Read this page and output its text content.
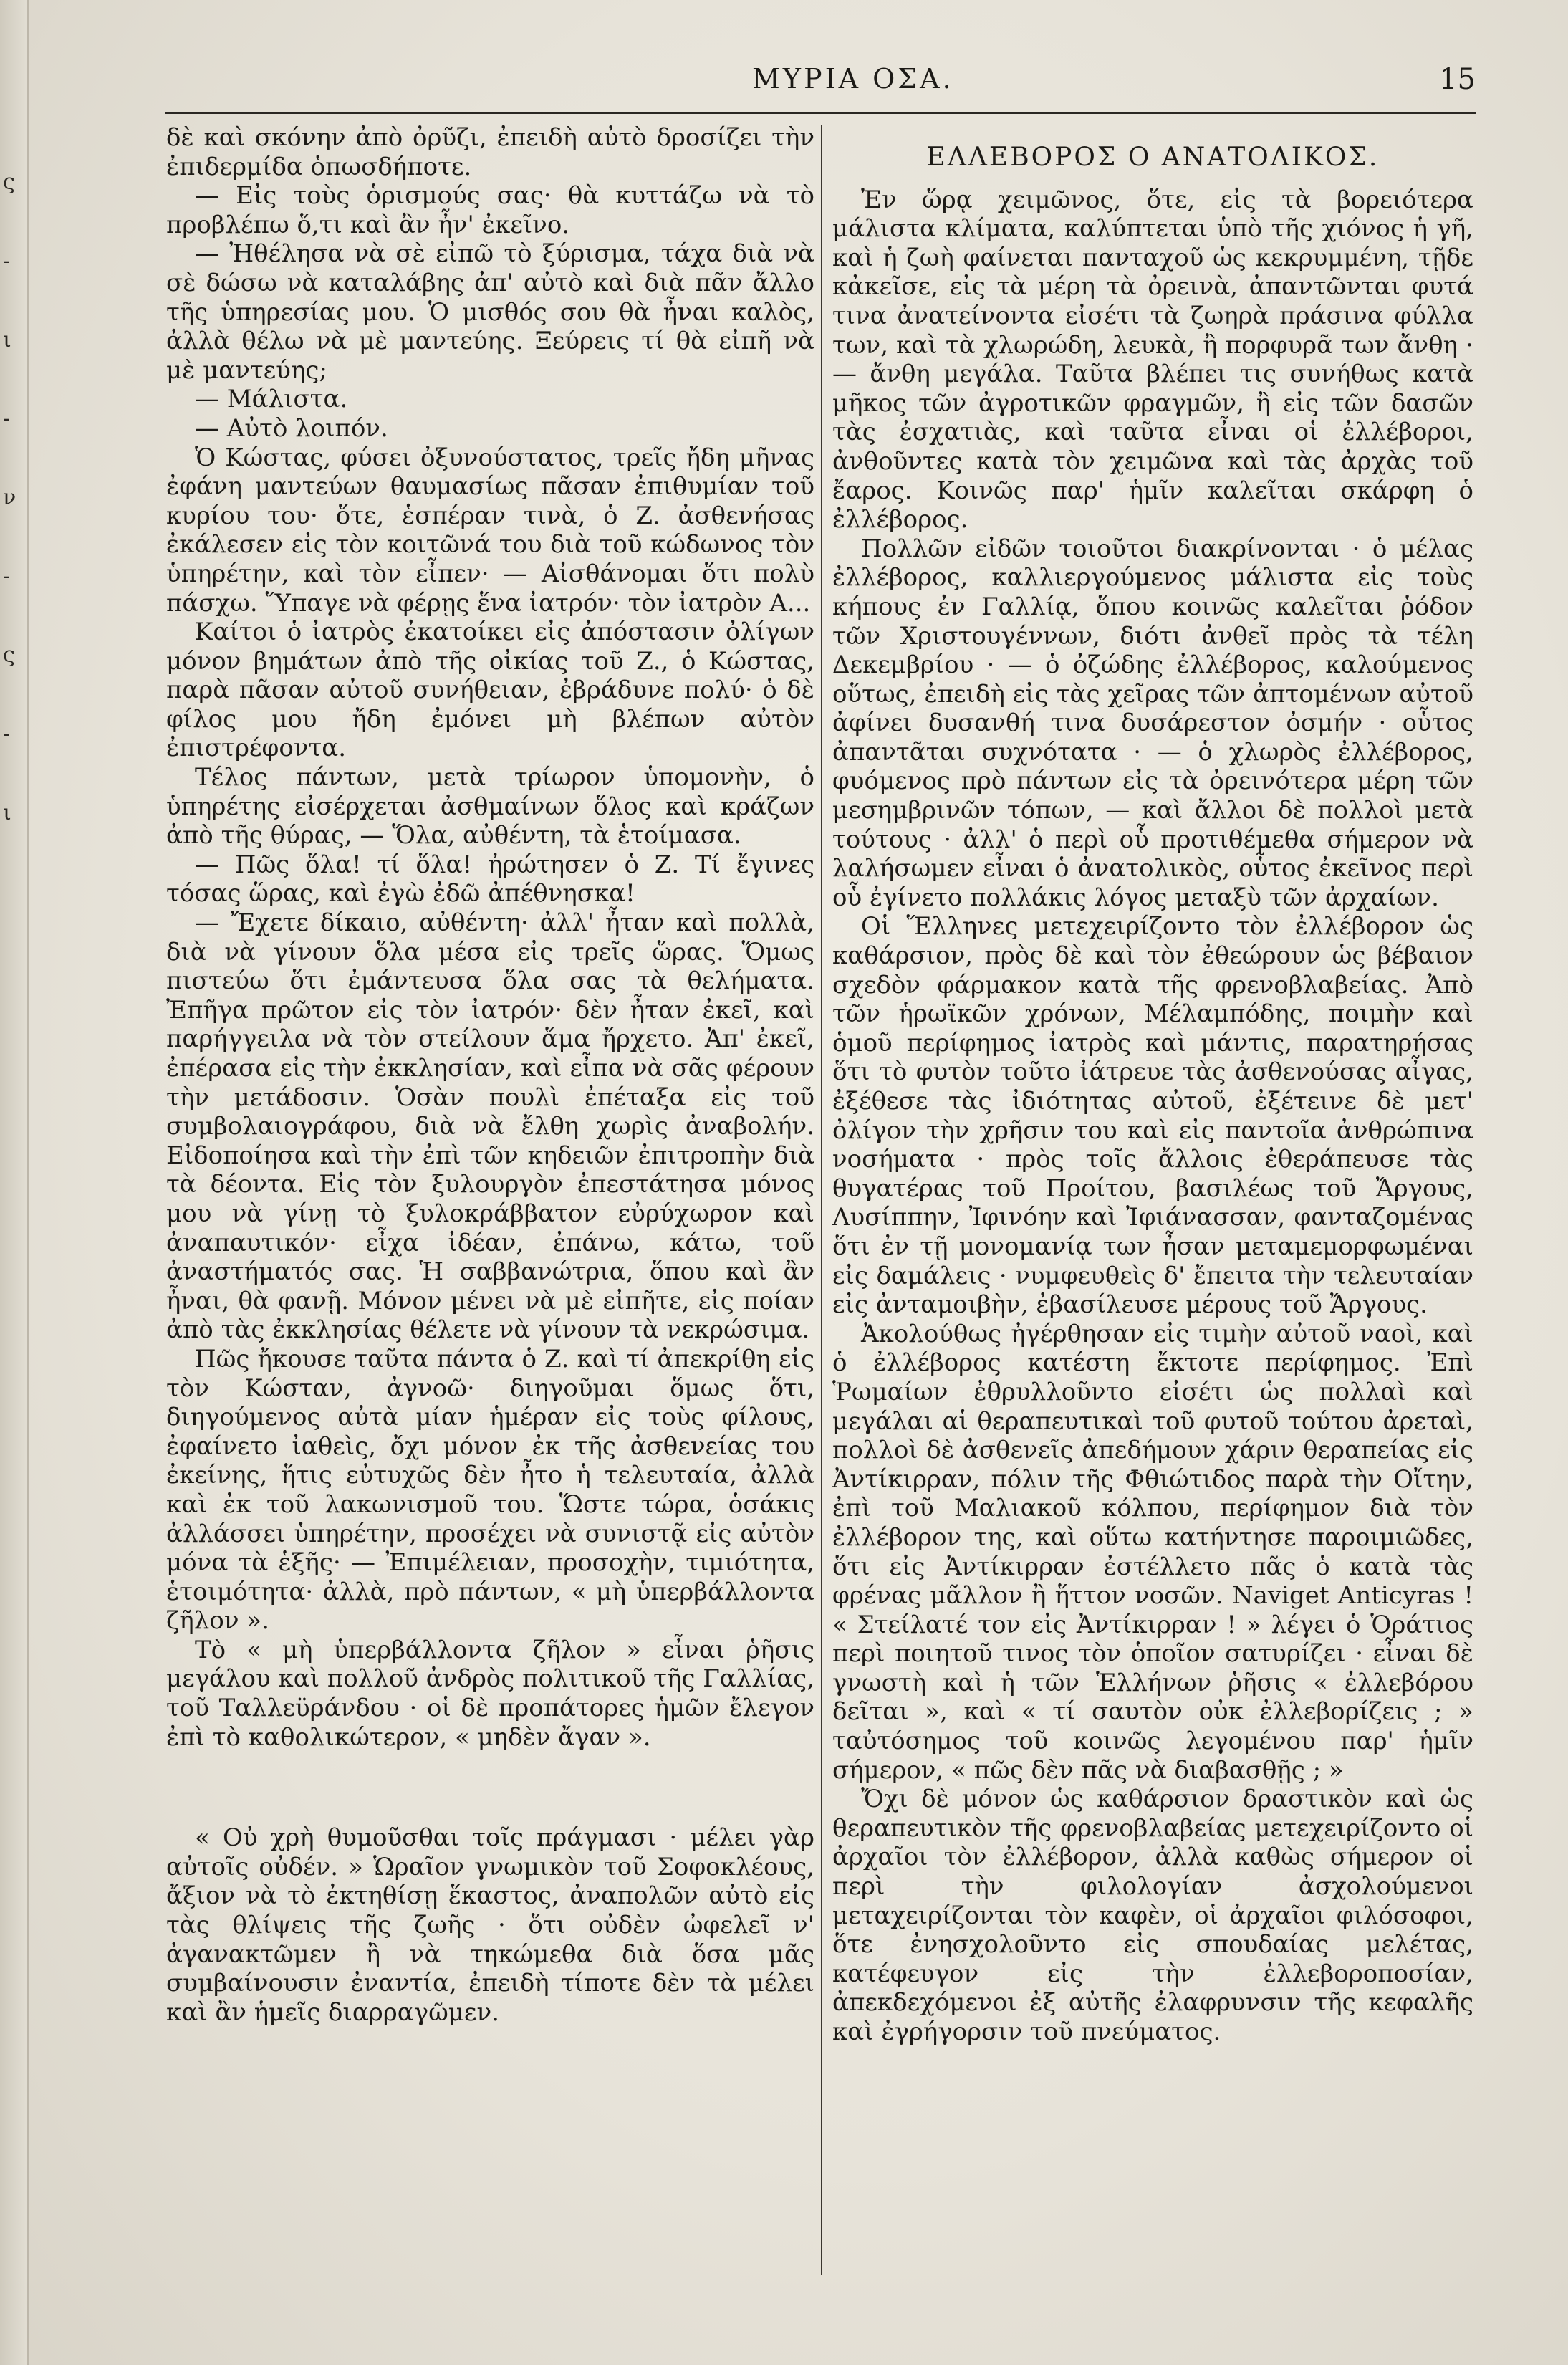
ς
-
ι
-
ν
-
ς
-
ι
ΜΥΡΙΑ ΟΣΑ.	15

δὲ καὶ σκόνην ἀπὸ ὀρῦζι, ἐπειδὴ αὐτὸ δροσίζει τὴν ἐπιδερμίδα ὁπωσδήποτε.

— Εἰς τοὺς ὁρισμούς σας· θὰ κυττάζω νὰ τὸ προβλέπω ὅ,τι καὶ ἂν ἦν' ἐκεῖνο.

— Ἠθέλησα νὰ σὲ εἰπῶ τὸ ξύρισμα, τάχα διὰ νὰ σὲ δώσω νὰ καταλάβης ἀπ' αὐτὸ καὶ διὰ πᾶν ἄλλο τῆς ὑπηρεσίας μου. Ὁ μισθός σου θὰ ἦναι καλὸς, ἀλλὰ θέλω νὰ μὲ μαντεύης. Ξεύρεις τί θὰ εἰπῆ νὰ μὲ μαντεύης;

— Μάλιστα.

— Αὐτὸ λοιπόν.

Ὁ Κώστας, φύσει ὀξυνούστατος, τρεῖς ἤδη μῆνας ἐφάνη μαντεύων θαυμασίως πᾶσαν ἐπιθυμίαν τοῦ κυρίου του· ὅτε, ἑσπέραν τινὰ, ὁ Ζ. ἀσθενήσας ἐκάλεσεν εἰς τὸν κοιτῶνά του διὰ τοῦ κώδωνος τὸν ὑπηρέτην, καὶ τὸν εἶπεν· — Αἰσθάνομαι ὅτι πολὺ πάσχω. Ὕπαγε νὰ φέρῃς ἕνα ἰατρόν· τὸν ἰατρὸν Α...

Καίτοι ὁ ἰατρὸς ἐκατοίκει εἰς ἀπόστασιν ὀλίγων μόνον βημάτων ἀπὸ τῆς οἰκίας τοῦ Ζ., ὁ Κώστας, παρὰ πᾶσαν αὐτοῦ συνήθειαν, ἐβράδυνε πολύ· ὁ δὲ φίλος μου ἤδη ἐμόνει μὴ βλέπων αὐτὸν ἐπιστρέφοντα.

Τέλος πάντων, μετὰ τρίωρον ὑπομονὴν, ὁ ὑπηρέτης εἰσέρχεται ἀσθμαίνων ὅλος καὶ κράζων ἀπὸ τῆς θύρας, — Ὅλα, αὐθέντη, τὰ ἑτοίμασα.

— Πῶς ὅλα! τί ὅλα! ἠρώτησεν ὁ Ζ. Τί ἔγινες τόσας ὥρας, καὶ ἐγὼ ἐδῶ ἀπέθνησκα!

— Ἔχετε δίκαιο, αὐθέντη· ἀλλ' ἦταν καὶ πολλὰ, διὰ νὰ γίνουν ὅλα μέσα εἰς τρεῖς ὥρας. Ὅμως πιστεύω ὅτι ἐμάντευσα ὅλα σας τὰ θελήματα. Ἐπῆγα πρῶτον εἰς τὸν ἰατρόν· δὲν ἦταν ἐκεῖ, καὶ παρήγγειλα νὰ τὸν στείλουν ἅμα ἤρχετο. Ἀπ' ἐκεῖ, ἐπέρασα εἰς τὴν ἐκκλησίαν, καὶ εἶπα νὰ σᾶς φέρουν τὴν μετάδοσιν. Ὁσὰν πουλὶ ἐπέταξα εἰς τοῦ συμβολαιογράφου, διὰ νὰ ἔλθη χωρὶς ἀναβολήν. Εἰδοποίησα καὶ τὴν ἐπὶ τῶν κηδειῶν ἐπιτροπὴν διὰ τὰ δέοντα. Εἰς τὸν ξυλουργὸν ἐπεστάτησα μόνος μου νὰ γίνῃ τὸ ξυλοκράββατον εὐρύχωρον καὶ ἀναπαυτικόν· εἶχα ἰδέαν, ἐπάνω, κάτω, τοῦ ἀναστήματός σας. Ἡ σαββανώτρια, ὅπου καὶ ἂν ἦναι, θὰ φανῇ. Μόνον μένει νὰ μὲ εἰπῆτε, εἰς ποίαν ἀπὸ τὰς ἐκκλησίας θέλετε νὰ γίνουν τὰ νεκρώσιμα.

Πῶς ἤκουσε ταῦτα πάντα ὁ Ζ. καὶ τί ἀπεκρίθη εἰς τὸν Κώσταν, ἀγνοῶ· διηγοῦμαι ὅμως ὅτι, διηγούμενος αὐτὰ μίαν ἡμέραν εἰς τοὺς φίλους, ἐφαίνετο ἰαθεὶς, ὄχι μόνον ἐκ τῆς ἀσθενείας του ἐκείνης, ἥτις εὐτυχῶς δὲν ἦτο ἡ τελευταία, ἀλλὰ καὶ ἐκ τοῦ λακωνισμοῦ του. Ὥστε τώρα, ὁσάκις ἀλλάσσει ὑπηρέτην, προσέχει νὰ συνιστᾷ εἰς αὐτὸν μόνα τὰ ἑξῆς· — Ἐπιμέλειαν, προσοχὴν, τιμιότητα, ἑτοιμότητα· ἀλλὰ, πρὸ πάντων, « μὴ ὑπερβάλλοντα ζῆλον ».

Τὸ « μὴ ὑπερβάλλοντα ζῆλον » εἶναι ῥῆσις μεγάλου καὶ πολλοῦ ἀνδρὸς πολιτικοῦ τῆς Γαλλίας, τοῦ Ταλλεϋράνδου · οἱ δὲ προπάτορες ἡμῶν ἔλεγον ἐπὶ τὸ καθολικώτερον, « μηδὲν ἄγαν ».

« Οὐ χρὴ θυμοῦσθαι τοῖς πράγμασι · μέλει γὰρ αὐτοῖς οὐδέν. » Ὡραῖον γνωμικὸν τοῦ Σοφοκλέους, ἄξιον νὰ τὸ ἐκτηθίσῃ ἕκαστος, ἀναπολῶν αὐτὸ εἰς τὰς θλίψεις τῆς ζωῆς · ὅτι οὐδὲν ὠφελεῖ ν' ἀγανακτῶμεν ἢ νὰ τηκώμεθα διὰ ὅσα μᾶς συμβαίνουσιν ἐναντία, ἐπειδὴ τίποτε δὲν τὰ μέλει καὶ ἂν ἡμεῖς διαρραγῶμεν.

ΕΛΛΕΒΟΡΟΣ Ο ΑΝΑΤΟΛΙΚΟΣ.

Ἐν ὥρᾳ χειμῶνος, ὅτε, εἰς τὰ βορειότερα μάλιστα κλίματα, καλύπτεται ὑπὸ τῆς χιόνος ἡ γῆ, καὶ ἡ ζωὴ φαίνεται πανταχοῦ ὡς κεκρυμμένη, τῇδε κἀκεῖσε, εἰς τὰ μέρη τὰ ὀρεινὰ, ἀπαντῶνται φυτά τινα ἀνατείνοντα εἰσέτι τὰ ζωηρὰ πράσινα φύλλα των, καὶ τὰ χλωρώδη, λευκὰ, ἢ πορφυρᾶ των ἄνθη · — ἄνθη μεγάλα. Ταῦτα βλέπει τις συνήθως κατὰ μῆκος τῶν ἀγροτικῶν φραγμῶν, ἢ εἰς τῶν δασῶν τὰς ἐσχατιὰς, καὶ ταῦτα εἶναι οἱ ἐλλέβοροι, ἀνθοῦντες κατὰ τὸν χειμῶνα καὶ τὰς ἀρχὰς τοῦ ἔαρος. Κοινῶς παρ' ἡμῖν καλεῖται σκάρφη ὁ ἐλλέβορος.

Πολλῶν εἰδῶν τοιοῦτοι διακρίνονται · ὁ μέλας ἐλλέβορος, καλλιεργούμενος μάλιστα εἰς τοὺς κήπους ἐν Γαλλίᾳ, ὅπου κοινῶς καλεῖται ῥόδον τῶν Χριστουγέννων, διότι ἀνθεῖ πρὸς τὰ τέλη Δεκεμβρίου · — ὁ ὀζώδης ἐλλέβορος, καλούμενος οὕτως, ἐπειδὴ εἰς τὰς χεῖρας τῶν ἀπτομένων αὐτοῦ ἀφίνει δυσανθή τινα δυσάρεστον ὀσμήν · οὗτος ἀπαντᾶται συχνότατα · — ὁ χλωρὸς ἐλλέβορος, φυόμενος πρὸ πάντων εἰς τὰ ὀρεινότερα μέρη τῶν μεσημβρινῶν τόπων, — καὶ ἄλλοι δὲ πολλοὶ μετὰ τούτους · ἀλλ' ὁ περὶ οὗ προτιθέμεθα σήμερον νὰ λαλήσωμεν εἶναι ὁ ἀνατολικὸς, οὗτος ἐκεῖνος περὶ οὗ ἐγίνετο πολλάκις λόγος μεταξὺ τῶν ἀρχαίων.

Οἱ Ἕλληνες μετεχειρίζοντο τὸν ἐλλέβορον ὡς καθάρσιον, πρὸς δὲ καὶ τὸν ἐθεώρουν ὡς βέβαιον σχεδὸν φάρμακον κατὰ τῆς φρενοβλαβείας. Ἀπὸ τῶν ἡρωϊκῶν χρόνων, Μέλαμπόδης, ποιμὴν καὶ ὁμοῦ περίφημος ἰατρὸς καὶ μάντις, παρατηρήσας ὅτι τὸ φυτὸν τοῦτο ἰάτρευε τὰς ἀσθενούσας αἶγας, ἐξέθεσε τὰς ἰδιότητας αὐτοῦ, ἐξέτεινε δὲ μετ' ὀλίγον τὴν χρῆσιν του καὶ εἰς παντοῖα ἀνθρώπινα νοσήματα · πρὸς τοῖς ἄλλοις ἐθεράπευσε τὰς θυγατέρας τοῦ Προίτου, βασιλέως τοῦ Ἄργους, Λυσίππην, Ἰφινόην καὶ Ἰφιάνασσαν, φανταζομένας ὅτι ἐν τῇ μονομανίᾳ των ἦσαν μεταμεμορφωμέναι εἰς δαμάλεις · νυμφευθεὶς δ' ἔπειτα τὴν τελευταίαν εἰς ἀνταμοιβὴν, ἐβασίλευσε μέρους τοῦ Ἄργους.

Ἀκολούθως ἠγέρθησαν εἰς τιμὴν αὐτοῦ ναοὶ, καὶ ὁ ἐλλέβορος κατέστη ἔκτοτε περίφημος. Ἐπὶ Ῥωμαίων ἐθρυλλοῦντο εἰσέτι ὡς πολλαὶ καὶ μεγάλαι αἱ θεραπευτικαὶ τοῦ φυτοῦ τούτου ἀρεταὶ, πολλοὶ δὲ ἀσθενεῖς ἀπεδήμουν χάριν θεραπείας εἰς Ἀντίκιρραν, πόλιν τῆς Φθιώτιδος παρὰ τὴν Οἴτην, ἐπὶ τοῦ Μαλιακοῦ κόλπου, περίφημον διὰ τὸν ἐλλέβορον της, καὶ οὕτω κατήντησε παροιμιῶδες, ὅτι εἰς Ἀντίκιρραν ἐστέλλετο πᾶς ὁ κατὰ τὰς φρένας μᾶλλον ἢ ἥττον νοσῶν. Naviget Anticyras ! « Στείλατέ τον εἰς Ἀντίκιρραν ! » λέγει ὁ Ὁράτιος περὶ ποιητοῦ τινος τὸν ὁποῖον σατυρίζει · εἶναι δὲ γνωστὴ καὶ ἡ τῶν Ἑλλήνων ῥῆσις « ἐλλεβόρου δεῖται », καὶ « τί σαυτὸν οὐκ ἐλλεβορίζεις ; » ταὐτόσημος τοῦ κοινῶς λεγομένου παρ' ἡμῖν σήμερον, « πῶς δὲν πᾶς νὰ διαβασθῇς ; »

Ὄχι δὲ μόνον ὡς καθάρσιον δραστικὸν καὶ ὡς θεραπευτικὸν τῆς φρενοβλαβείας μετεχειρίζοντο οἱ ἀρχαῖοι τὸν ἐλλέβορον, ἀλλὰ καθὼς σήμερον οἱ περὶ τὴν φιλολογίαν ἀσχολούμενοι μεταχειρίζονται τὸν καφὲν, οἱ ἀρχαῖοι φιλόσοφοι, ὅτε ἐνησχολοῦντο εἰς σπουδαίας μελέτας, κατέφευγον εἰς τὴν ἐλλεβοροποσίαν, ἀπεκδεχόμενοι ἐξ αὐτῆς ἐλαφρυνσιν τῆς κεφαλῆς καὶ ἐγρήγορσιν τοῦ πνεύματος.
